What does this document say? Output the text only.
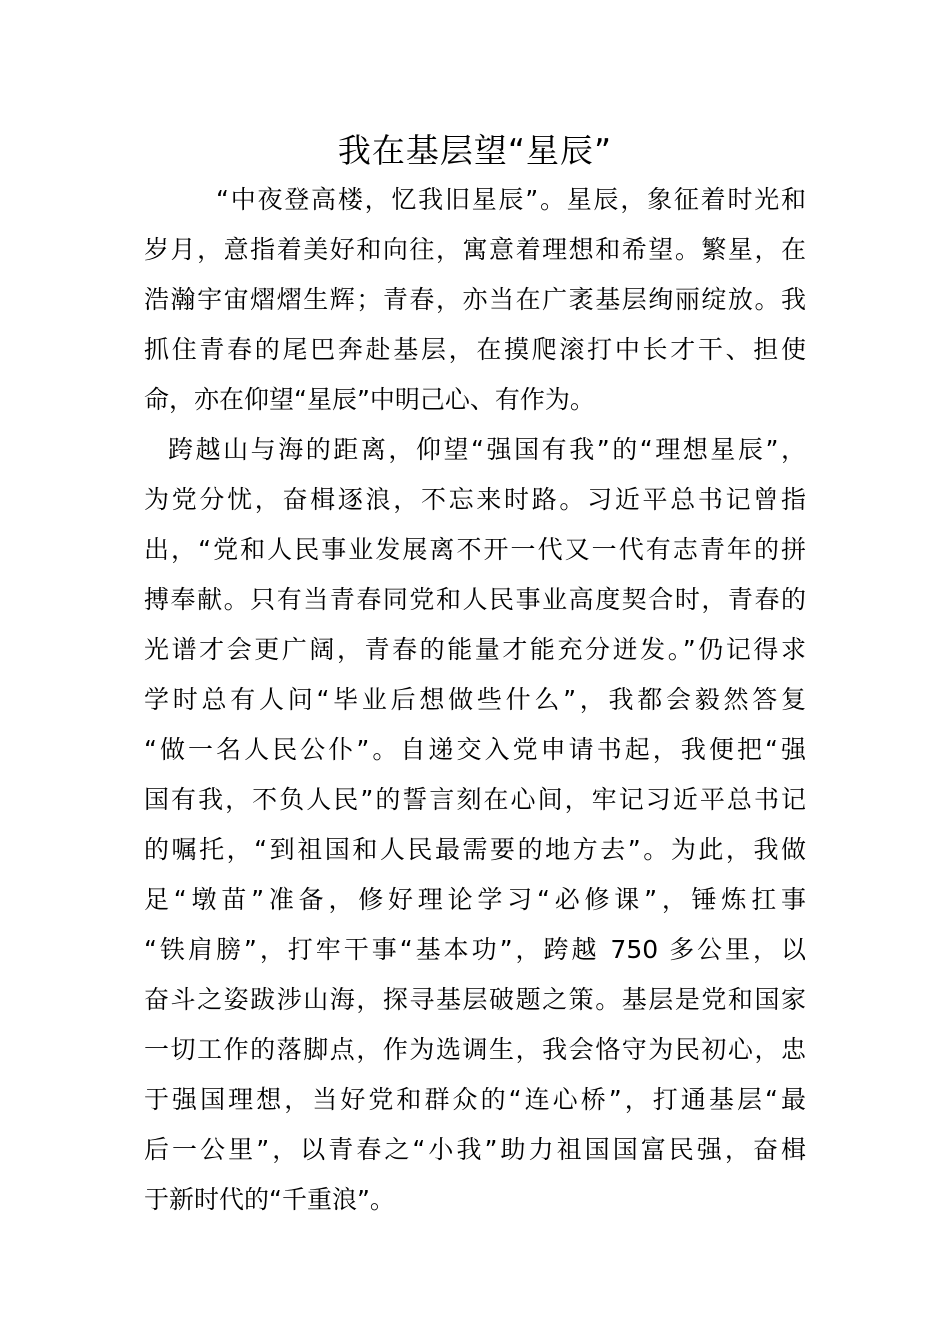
我在基层望“星辰”
“中夜登高楼，忆我旧星辰”。星辰，象征着时光和
岁月，意指着美好和向往，寓意着理想和希望。繁星，在
浩瀚宇宙熠熠生辉；青春，亦当在广袤基层绚丽绽放。我
抓住青春的尾巴奔赴基层，在摸爬滚打中长才干、担使
命，亦在仰望“星辰”中明己心、有作为。
跨越山与海的距离，仰望“强国有我”的“理想星辰”，
为党分忧，奋楫逐浪，不忘来时路。习近平总书记曾指
出，“党和人民事业发展离不开一代又一代有志青年的拼
搏奉献。只有当青春同党和人民事业高度契合时，青春的
光谱才会更广阔，青春的能量才能充分迸发。”仍记得求
学时总有人问“毕业后想做些什么”，我都会毅然答复
“做一名人民公仆”。自递交入党申请书起，我便把“强
国有我，不负人民”的誓言刻在心间，牢记习近平总书记
的嘱托，“到祖国和人民最需要的地方去”。为此，我做
足“墩苗”准备，修好理论学习“必修课”，锤炼扛事
“铁肩膀”，打牢干事“基本功”，跨越 750 多公里，以
奋斗之姿跋涉山海，探寻基层破题之策。基层是党和国家
一切工作的落脚点，作为选调生，我会恪守为民初心，忠
于强国理想，当好党和群众的“连心桥”，打通基层“最
后一公里”，以青春之“小我”助力祖国国富民强，奋楫
于新时代的“千重浪”。
